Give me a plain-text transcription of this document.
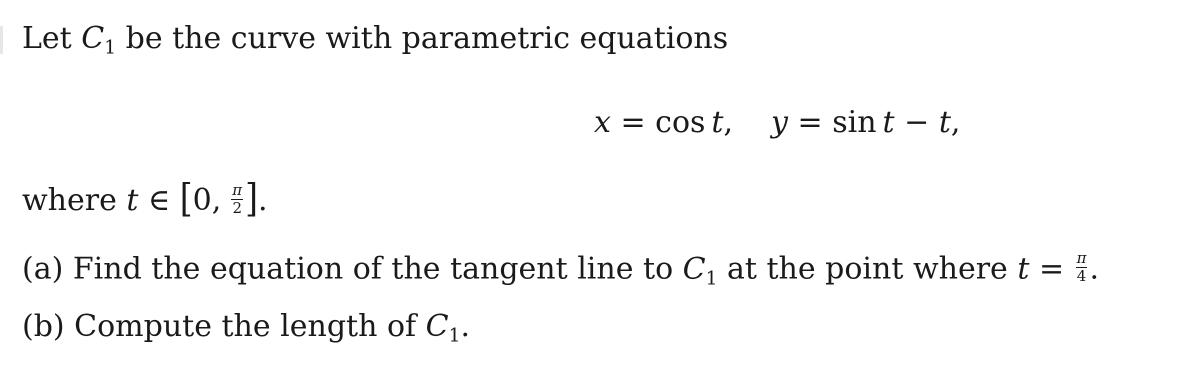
Let $C_1$ be the curve with parametric equations
x = cos t, y = sin t − t,
where t ∈ [0, $\frac{\pi}{2}$ ].
(a) Find the equation of the tangent line to $C_1$ at the point where $t = \frac{\pi}{4}$ .
(b) Compute the length of $C_1$.
